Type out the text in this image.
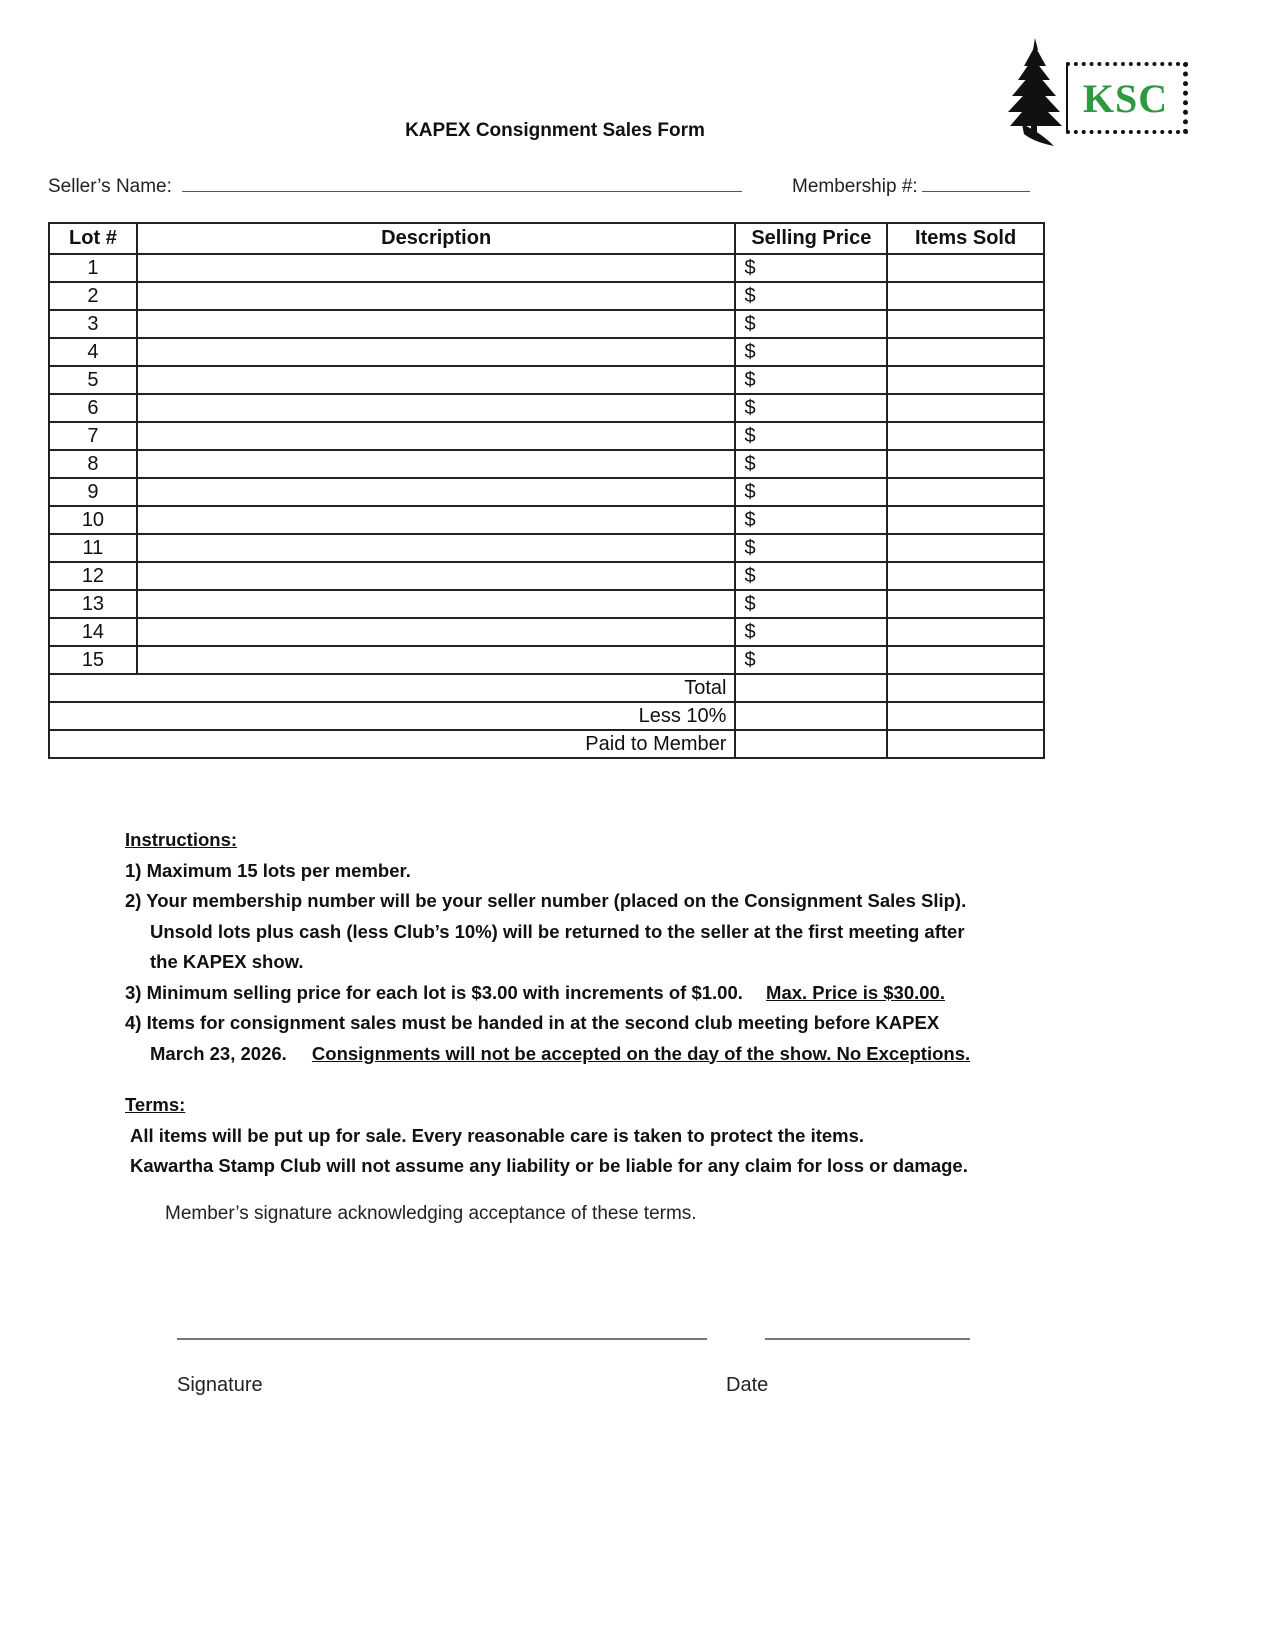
KSC
KAPEX Consignment Sales Form
Seller’s Name:	Membership #:
Lot #	Description	Selling Price	Items Sold
1		$	
2		$	
3		$	
4		$	
5		$	
6		$	
7		$	
8		$	
9		$	
10		$	
11		$	
12		$	
13		$	
14		$	
15		$	
Total			
Less 10%			
Paid to Member			
Instructions:
1) Maximum 15 lots per member.
2) Your membership number will be your seller number (placed on the Consignment Sales Slip).
Unsold lots plus cash (less Club’s 10%) will be returned to the seller at the first meeting after
the KAPEX show.
3) Minimum selling price for each lot is $3.00 with increments of $1.00. Max. Price is $30.00.
4) Items for consignment sales must be handed in at the second club meeting before KAPEX
March 23, 2026. Consignments will not be accepted on the day of the show. No Exceptions.
Terms:
All items will be put up for sale. Every reasonable care is taken to protect the items.
Kawartha Stamp Club will not assume any liability or be liable for any claim for loss or damage.
Member’s signature acknowledging acceptance of these terms.
Signature	Date
